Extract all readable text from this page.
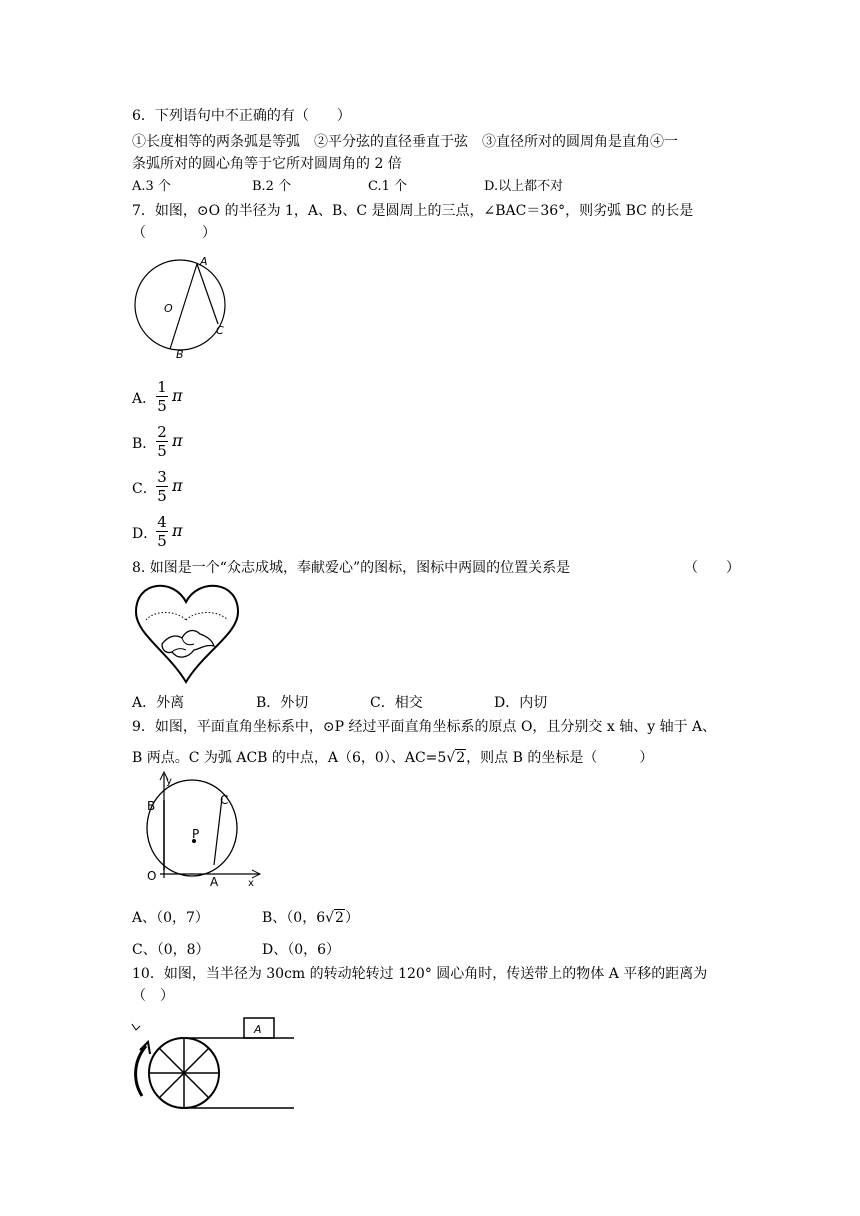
6．下列语句中不正确的有（　　）
①长度相等的两条弧是等弧　②平分弦的直径垂直于弦　③直径所对的圆周角是直角④一
条弧所对的圆心角等于它所对圆周角的 2 倍
A.3 个	B.2 个	C.1 个	D.以上都不对
7．如图，⊙O 的半径为 1，A、B、C 是圆周上的三点，∠BAC＝36°，则劣弧 BC 的长是
（　　　　）
A
O
C
B
A．
1
5
π
B．
2
5
π
C．
3
5
π
D．
4
5
π
8. 如图是一个“众志成城，奉献爱心”的图标，图标中两圆的位置关系是	（　　）
A．外离	B．外切	C．相交	D．内切
9．如图，平面直角坐标系中，⊙P 经过平面直角坐标系的原点 O，且分别交 x 轴、y 轴于 A、
B 两点。C 为弧 ACB 的中点，A（6，0）、AC=5√2，则点 B 的坐标是（　　　）
B
y
C
P
O	A	x
A、（0，7）	B、（0，6√2）
C、（0，8）	D、（0，6）
10．如图，当半径为 30cm 的转动轮转过 120° 圆心角时，传送带上的物体 A 平移的距离为
（　）
A
